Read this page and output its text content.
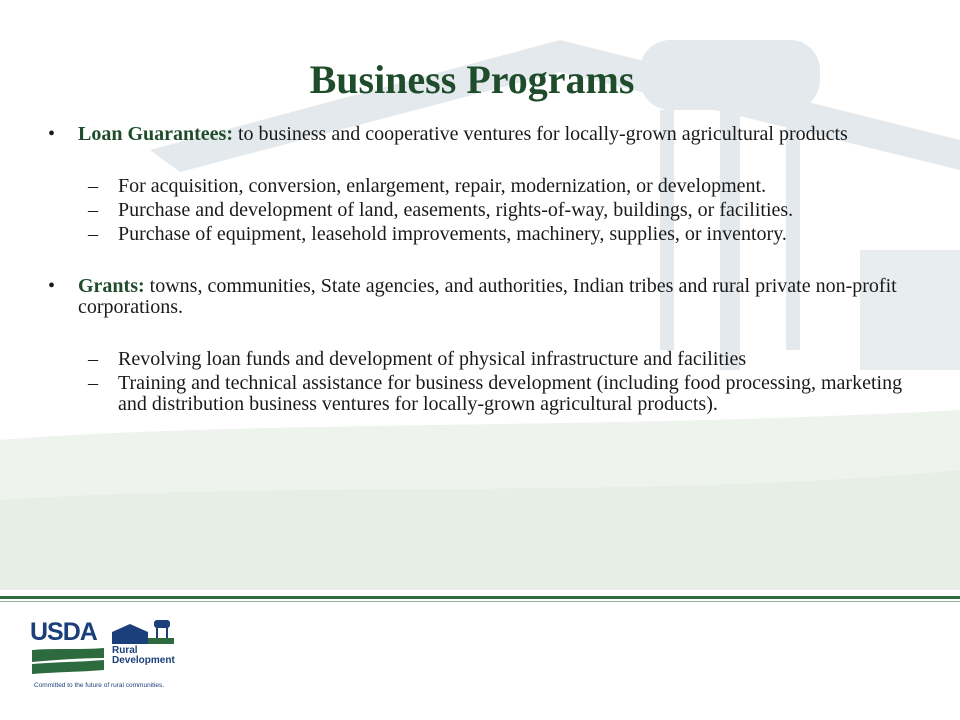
Business Programs
•	Loan Guarantees: to business and cooperative ventures for locally-grown agricultural products
–	For acquisition, conversion, enlargement, repair, modernization, or development.
–	Purchase and development of land, easements, rights-of-way, buildings, or facilities.
–	Purchase of equipment, leasehold improvements, machinery, supplies, or inventory.
•	Grants: towns, communities, State agencies, and authorities, Indian tribes and rural private non-profit corporations.
–	Revolving loan funds and development of physical infrastructure and facilities
–	Training and technical assistance for business development (including food processing, marketing and distribution business ventures for locally-grown agricultural products).
USDA
Rural
Development
Committed to the future of rural communities.
